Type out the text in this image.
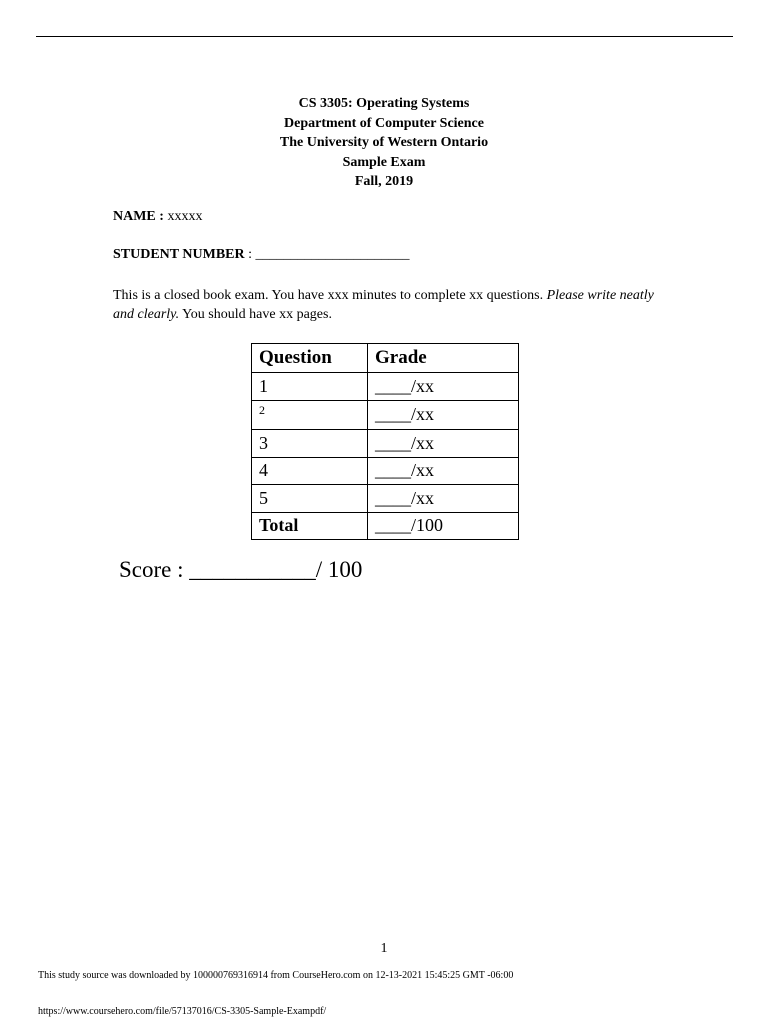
CS 3305: Operating Systems
Department of Computer Science
The University of Western Ontario
Sample Exam
Fall, 2019
NAME : xxxxx
STUDENT NUMBER : ______________________
This is a closed book exam. You have xxx minutes to complete xx questions. Please write neatly and clearly. You should have xx pages.
Question	Grade
1	____/xx
2	____/xx
3	____/xx
4	____/xx
5	____/xx
Total	____/100
Score : ___________/ 100
1
This study source was downloaded by 100000769316914 from CourseHero.com on 12-13-2021 15:45:25 GMT -06:00
https://www.coursehero.com/file/57137016/CS-3305-Sample-Exampdf/
